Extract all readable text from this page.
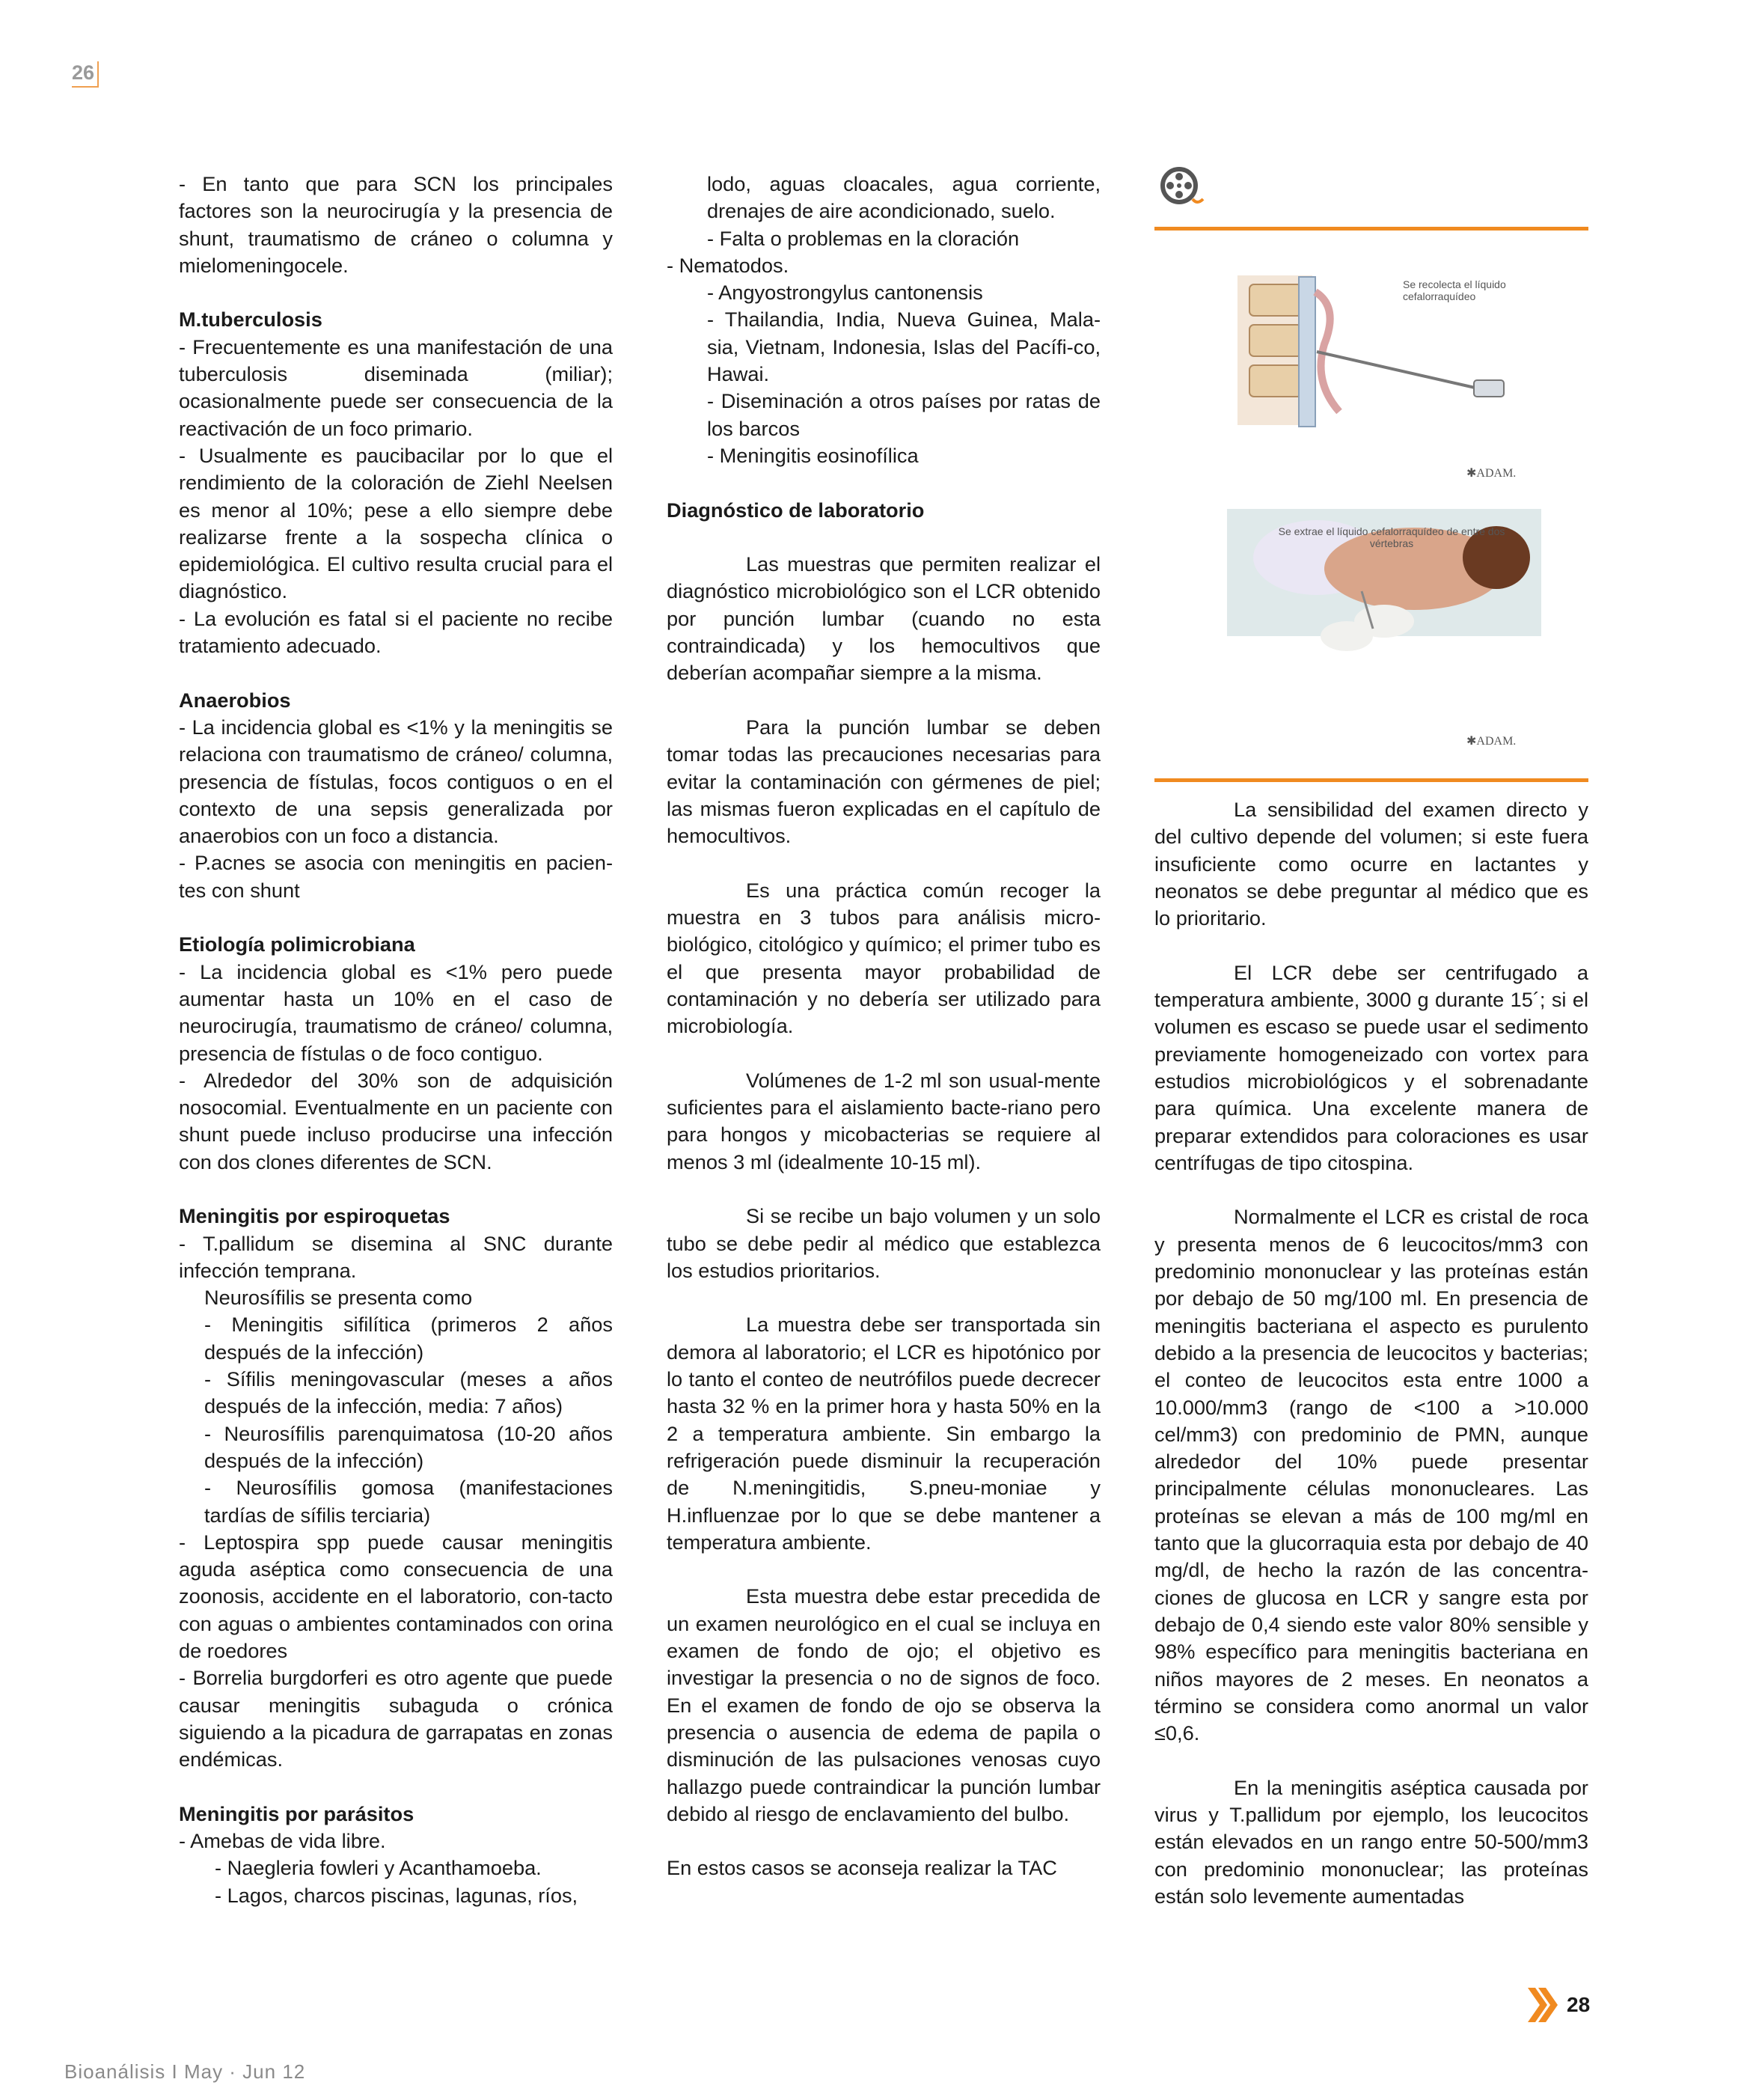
26

- En tanto que para SCN los principales factores son la neurocirugía y la presencia de shunt, traumatismo de cráneo o columna y mielomeningocele.

M.tuberculosis

- Frecuentemente es una manifestación de una tuberculosis diseminada (miliar); ocasionalmente puede ser consecuencia de la reactivación de un foco primario.

- Usualmente es paucibacilar por lo que el rendimiento de la coloración de Ziehl Neelsen es menor al 10%; pese a ello siempre debe realizarse frente a la sospecha clínica o epidemiológica. El cultivo resulta crucial para el diagnóstico.

- La evolución es fatal si el paciente no recibe tratamiento adecuado.

Anaerobios

- La incidencia global es <1% y la meningitis se relaciona con traumatismo de cráneo/ columna, presencia de fístulas, focos contiguos o en el contexto de una sepsis generalizada por anaerobios con un foco a distancia.

- P.acnes se asocia con meningitis en pacien-tes con shunt

Etiología polimicrobiana

- La incidencia global es <1% pero puede aumentar hasta un 10% en el caso de neurocirugía, traumatismo de cráneo/ columna, presencia de fístulas o de foco contiguo.

- Alrededor del 30% son de adquisición nosocomial. Eventualmente en un paciente con shunt puede incluso producirse una infección con dos clones diferentes de SCN.

Meningitis por espiroquetas

- T.pallidum se disemina al SNC durante infección temprana.

Neurosífilis se presenta como

- Meningitis sifilítica (primeros 2 años después de la infección)

- Sífilis meningovascular (meses a años después de la infección, media: 7 años)

- Neurosífilis parenquimatosa (10-20 años después de la infección)

- Neurosífilis gomosa (manifestaciones tardías de sífilis terciaria)

- Leptospira spp puede causar meningitis aguda aséptica como consecuencia de una zoonosis, accidente en el laboratorio, con-tacto con aguas o ambientes contaminados con orina de roedores

- Borrelia burgdorferi es otro agente que puede causar meningitis subaguda o crónica siguiendo a la picadura de garrapatas en zonas endémicas.

Meningitis por parásitos

- Amebas de vida libre.

- Naegleria fowleri y Acanthamoeba.

- Lagos, charcos piscinas, lagunas, ríos,

lodo, aguas cloacales, agua corriente, drenajes de aire acondicionado, suelo.

- Falta o problemas en la cloración

- Nematodos.

- Angyostrongylus cantonensis

- Thailandia, India, Nueva Guinea, Mala-sia, Vietnam, Indonesia, Islas del Pacífi-co, Hawai.

- Diseminación a otros países por ratas de los barcos

- Meningitis eosinofílica

Diagnóstico de laboratorio

Las muestras que permiten realizar el diagnóstico microbiológico son el LCR obtenido por punción lumbar (cuando no esta contraindicada) y los hemocultivos que deberían acompañar siempre a la misma.

Para la punción lumbar se deben tomar todas las precauciones necesarias para evitar la contaminación con gérmenes de piel; las mismas fueron explicadas en el capítulo de hemocultivos.

Es una práctica común recoger la muestra en 3 tubos para análisis micro-biológico, citológico y químico; el primer tubo es el que presenta mayor probabilidad de contaminación y no debería ser utilizado para microbiología.

Volúmenes de 1-2 ml son usual-mente suficientes para el aislamiento bacte-riano pero para hongos y micobacterias se requiere al menos 3 ml (idealmente 10-15 ml).

Si se recibe un bajo volumen y un solo tubo se debe pedir al médico que establezca los estudios prioritarios.

La muestra debe ser transportada sin demora al laboratorio; el LCR es hipotónico por lo tanto el conteo de neutrófilos puede decrecer hasta 32 % en la primer hora y hasta 50% en la 2 a temperatura ambiente. Sin embargo la refrigeración puede disminuir la recuperación de N.meningitidis, S.pneu-moniae y H.influenzae por lo que se debe mantener a temperatura ambiente.

Esta muestra debe estar precedida de un examen neurológico en el cual se incluya en examen de fondo de ojo; el objetivo es investigar la presencia o no de signos de foco. En el examen de fondo de ojo se observa la presencia o ausencia de edema de papila o disminución de las pulsaciones venosas cuyo hallazgo puede contraindicar la punción lumbar debido al riesgo de enclavamiento del bulbo.

En estos casos se aconseja realizar la TAC

Se recolecta el líquido cefalorraquídeo
✱ADAM.
Se extrae el líquido cefalorraquídeo de entre dos vértebras
✱ADAM.

La sensibilidad del examen directo y del cultivo depende del volumen; si este fuera insuficiente como ocurre en lactantes y neonatos se debe preguntar al médico que es lo prioritario.

El LCR debe ser centrifugado a temperatura ambiente, 3000 g durante 15´; si el volumen es escaso se puede usar el sedimento previamente homogeneizado con vortex para estudios microbiológicos y el sobrenadante para química. Una excelente manera de preparar extendidos para coloraciones es usar centrífugas de tipo citospina.

Normalmente el LCR es cristal de roca y presenta menos de 6 leucocitos/mm3 con predominio mononuclear y las proteínas están por debajo de 50 mg/100 ml. En presencia de meningitis bacteriana el aspecto es purulento debido a la presencia de leucocitos y bacterias; el conteo de leucocitos esta entre 1000 a 10.000/mm3 (rango de <100 a >10.000 cel/mm3) con predominio de PMN, aunque alrededor del 10% puede presentar principalmente células mononucleares. Las proteínas se elevan a más de 100 mg/ml en tanto que la glucorraquia esta por debajo de 40 mg/dl, de hecho la razón de las concentra-ciones de glucosa en LCR y sangre esta por debajo de 0,4 siendo este valor 80% sensible y 98% específico para meningitis bacteriana en niños mayores de 2 meses. En neonatos a término se considera como anormal un valor ≤0,6.

En la meningitis aséptica causada por virus y T.pallidum por ejemplo, los leucocitos están elevados en un rango entre 50-500/mm3 con predominio mononuclear; las proteínas están solo levemente aumentadas

28
Bioanálisis I May · Jun 12
